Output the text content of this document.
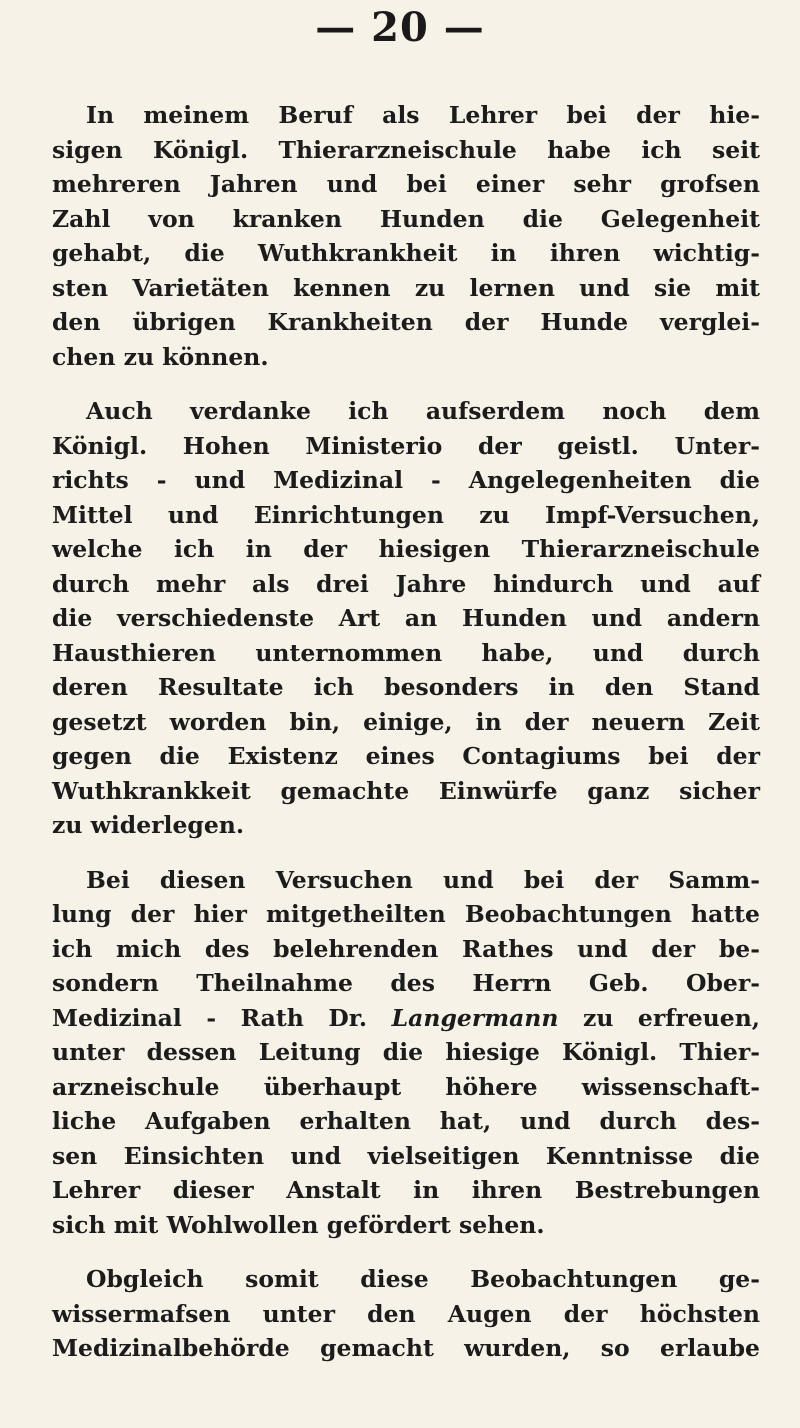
— 20 —
In meinem Beruf als Lehrer bei der hie-
sigen Königl. Thierarzneischule habe ich seit
mehreren Jahren und bei einer sehr grofsen
Zahl von kranken Hunden die Gelegenheit
gehabt, die Wuthkrankheit in ihren wichtig-
sten Varietäten kennen zu lernen und sie mit
den übrigen Krankheiten der Hunde verglei-
chen zu können.
Auch verdanke ich aufserdem noch dem
Königl. Hohen Ministerio der geistl. Unter-
richts - und Medizinal - Angelegenheiten die
Mittel und Einrichtungen zu Impf-Versuchen,
welche ich in der hiesigen Thierarzneischule
durch mehr als drei Jahre hindurch und auf
die verschiedenste Art an Hunden und andern
Hausthieren unternommen habe, und durch
deren Resultate ich besonders in den Stand
gesetzt worden bin, einige, in der neuern Zeit
gegen die Existenz eines Contagiums bei der
Wuthkrankkeit gemachte Einwürfe ganz sicher
zu widerlegen.
Bei diesen Versuchen und bei der Samm-
lung der hier mitgetheilten Beobachtungen hatte
ich mich des belehrenden Rathes und der be-
sondern Theilnahme des Herrn Geb. Ober-
Medizinal - Rath Dr. Langermann zu erfreuen,
unter dessen Leitung die hiesige Königl. Thier-
arzneischule überhaupt höhere wissenschaft-
liche Aufgaben erhalten hat, und durch des-
sen Einsichten und vielseitigen Kenntnisse die
Lehrer dieser Anstalt in ihren Bestrebungen
sich mit Wohlwollen gefördert sehen.
Obgleich somit diese Beobachtungen ge-
wissermafsen unter den Augen der höchsten
Medizinalbehörde gemacht wurden, so erlaube
